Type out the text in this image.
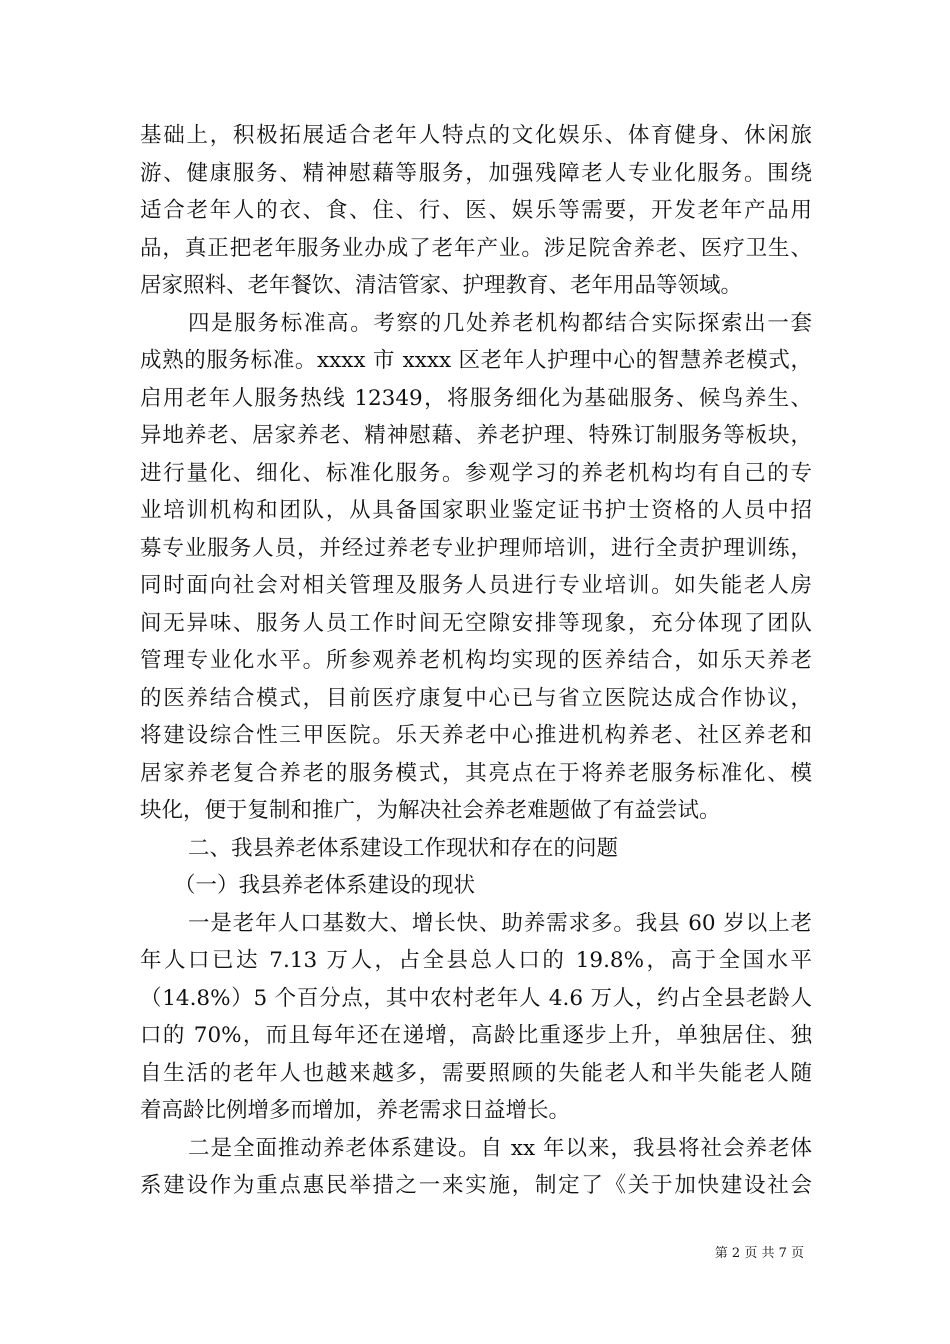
基础上，积极拓展适合老年人特点的文化娱乐、体育健身、休闲旅
游、健康服务、精神慰藉等服务，加强残障老人专业化服务。围绕
适合老年人的衣、食、住、行、医、娱乐等需要，开发老年产品用
品，真正把老年服务业办成了老年产业。涉足院舍养老、医疗卫生、
居家照料、老年餐饮、清洁管家、护理教育、老年用品等领域。
四是服务标准高。考察的几处养老机构都结合实际探索出一套
成熟的服务标准。xxxx 市 xxxx 区老年人护理中心的智慧养老模式，
启用老年人服务热线 12349，将服务细化为基础服务、候鸟养生、
异地养老、居家养老、精神慰藉、养老护理、特殊订制服务等板块，
进行量化、细化、标准化服务。参观学习的养老机构均有自己的专
业培训机构和团队，从具备国家职业鉴定证书护士资格的人员中招
募专业服务人员，并经过养老专业护理师培训，进行全责护理训练，
同时面向社会对相关管理及服务人员进行专业培训。如失能老人房
间无异味、服务人员工作时间无空隙安排等现象，充分体现了团队
管理专业化水平。所参观养老机构均实现的医养结合，如乐天养老
的医养结合模式，目前医疗康复中心已与省立医院达成合作协议，
将建设综合性三甲医院。乐天养老中心推进机构养老、社区养老和
居家养老复合养老的服务模式，其亮点在于将养老服务标准化、模
块化，便于复制和推广，为解决社会养老难题做了有益尝试。
二、我县养老体系建设工作现状和存在的问题
（一）我县养老体系建设的现状
一是老年人口基数大、增长快、助养需求多。我县 60 岁以上老
年人口已达 7.13 万人，占全县总人口的 19.8%，高于全国水平
（14.8%）5 个百分点，其中农村老年人 4.6 万人，约占全县老龄人
口的 70%，而且每年还在递增，高龄比重逐步上升，单独居住、独
自生活的老年人也越来越多，需要照顾的失能老人和半失能老人随
着高龄比例增多而增加，养老需求日益增长。
二是全面推动养老体系建设。自 xx 年以来，我县将社会养老体
系建设作为重点惠民举措之一来实施，制定了《关于加快建设社会
第 2 页 共 7 页
